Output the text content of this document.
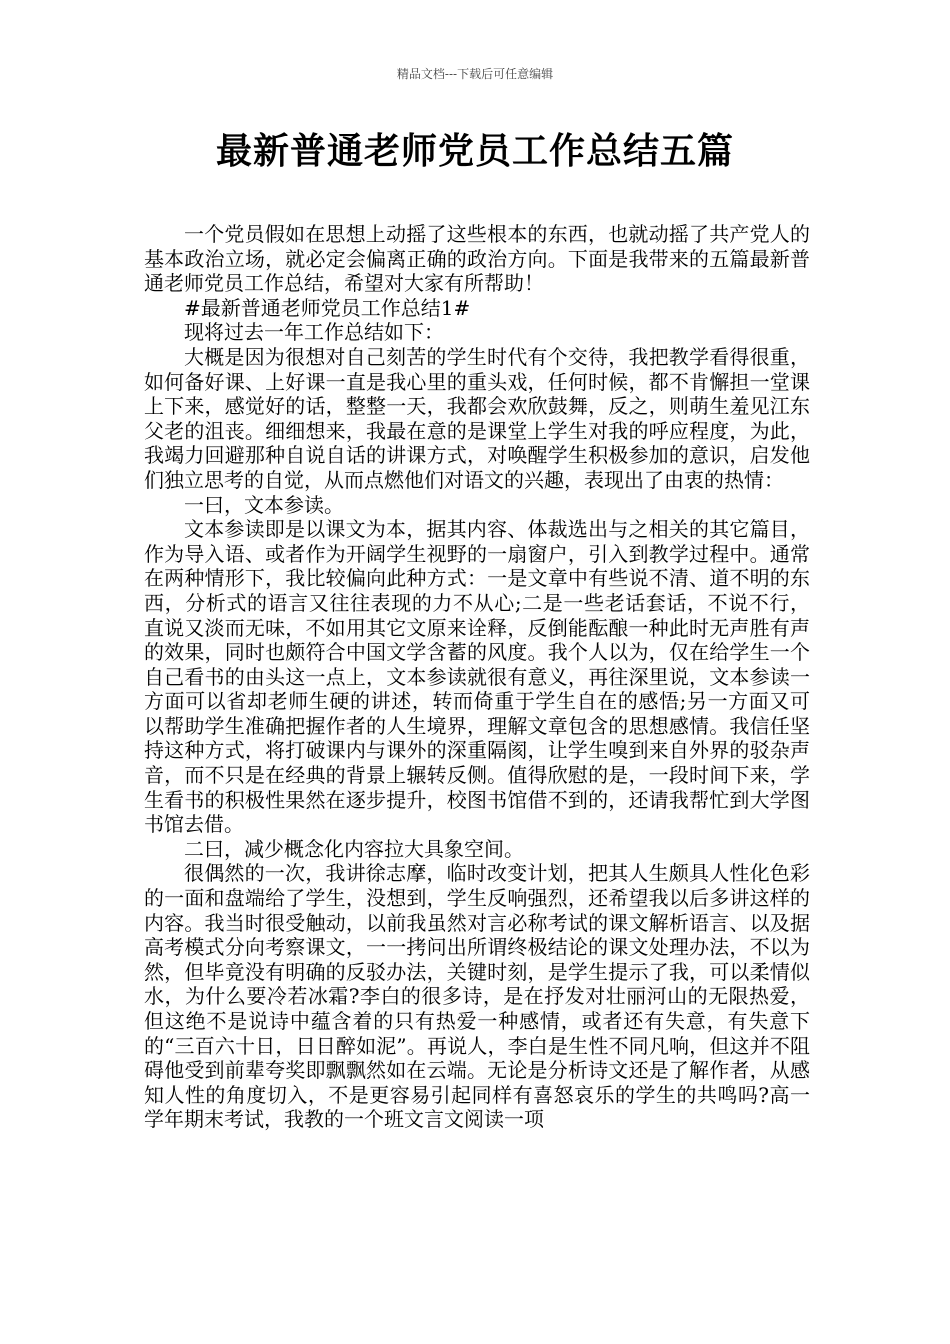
精品文档---下载后可任意编辑
最新普通老师党员工作总结五篇

一个党员假如在思想上动摇了这些根本的东西，也就动摇了共产党人的基本政治立场，就必定会偏离正确的政治方向。下面是我带来的五篇最新普通老师党员工作总结，希望对大家有所帮助！

#最新普通老师党员工作总结1#

现将过去一年工作总结如下：

大概是因为很想对自己刻苦的学生时代有个交待，我把教学看得很重，如何备好课、上好课一直是我心里的重头戏，任何时候，都不肯懈担一堂课上下来，感觉好的话，整整一天，我都会欢欣鼓舞，反之，则萌生羞见江东父老的沮丧。细细想来，我最在意的是课堂上学生对我的呼应程度，为此，我竭力回避那种自说自话的讲课方式，对唤醒学生积极参加的意识，启发他们独立思考的自觉，从而点燃他们对语文的兴趣，表现出了由衷的热情：

一曰，文本参读。

文本参读即是以课文为本，据其内容、体裁选出与之相关的其它篇目，作为导入语、或者作为开阔学生视野的一扇窗户，引入到教学过程中。通常在两种情形下，我比较偏向此种方式：一是文章中有些说不清、道不明的东西，分析式的语言又往往表现的力不从心;二是一些老话套话，不说不行，直说又淡而无味，不如用其它文原来诠释，反倒能酝酿一种此时无声胜有声的效果，同时也颇符合中国文学含蓄的风度。我个人以为，仅在给学生一个自己看书的由头这一点上，文本参读就很有意义，再往深里说，文本参读一方面可以省却老师生硬的讲述，转而倚重于学生自在的感悟;另一方面又可以帮助学生准确把握作者的人生境界，理解文章包含的思想感情。我信任坚持这种方式，将打破课内与课外的深重隔阂，让学生嗅到来自外界的驳杂声音，而不只是在经典的背景上辗转反侧。值得欣慰的是，一段时间下来，学生看书的积极性果然在逐步提升，校图书馆借不到的，还请我帮忙到大学图书馆去借。

二曰，减少概念化内容拉大具象空间。

很偶然的一次，我讲徐志摩，临时改变计划，把其人生颇具人性化色彩的一面和盘端给了学生，没想到，学生反响强烈，还希望我以后多讲这样的内容。我当时很受触动，以前我虽然对言必称考试的课文解析语言、以及据高考模式分向考察课文，一一拷问出所谓终极结论的课文处理办法，不以为然，但毕竟没有明确的反驳办法，关键时刻，是学生提示了我，可以柔情似水，为什么要冷若冰霜?李白的很多诗，是在抒发对壮丽河山的无限热爱，但这绝不是说诗中蕴含着的只有热爱一种感情，或者还有失意，有失意下的“三百六十日，日日醉如泥”。再说人，李白是生性不同凡响，但这并不阻碍他受到前辈夸奖即飘飘然如在云端。无论是分析诗文还是了解作者，从感知人性的角度切入，不是更容易引起同样有喜怒哀乐的学生的共鸣吗?高一学年期末考试，我教的一个班文言文阅读一项
